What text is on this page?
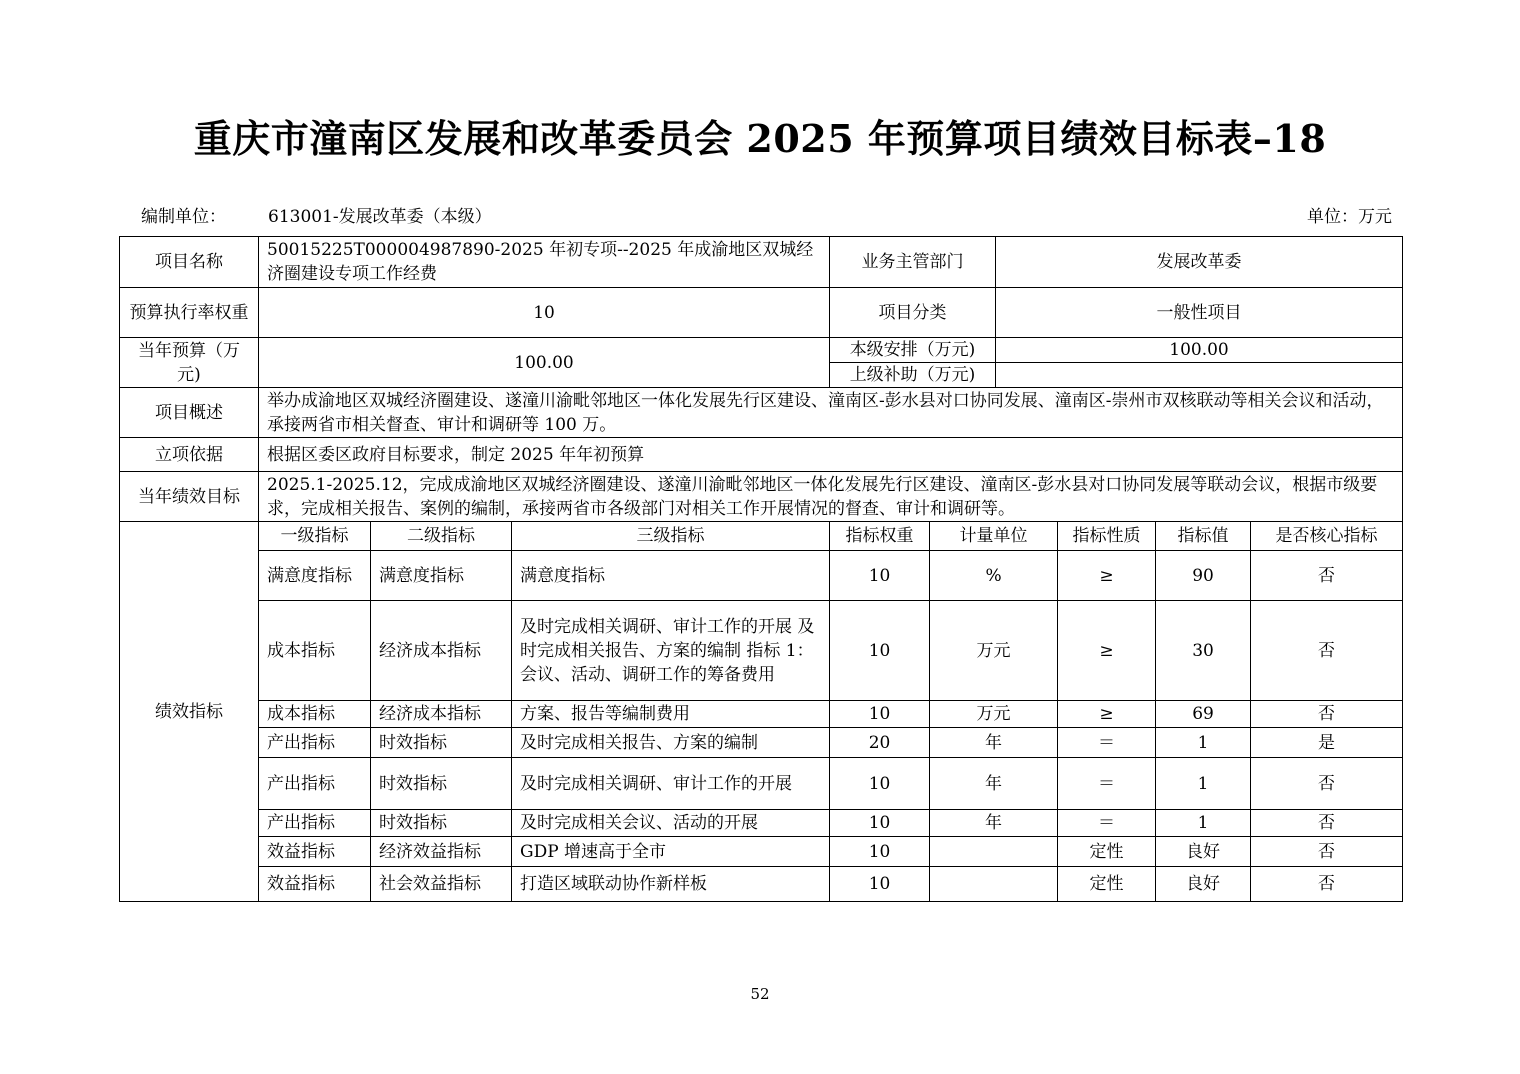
重庆市潼南区发展和改革委员会 2025 年预算项目绩效目标表–18
编制单位： 613001-发展改革委（本级）	单位：万元
项目名称	50015225T000004987890-2025 年初专项--2025 年成渝地区双城经济圈建设专项工作经费			业务主管部门		发展改革委			
预算执行率权重	10			项目分类		一般性项目			
当年预算（万元)	100.00			本级安排（万元)		100.00			
				上级补助（万元)					
项目概述	举办成渝地区双城经济圈建设、遂潼川渝毗邻地区一体化发展先行区建设、潼南区-彭水县对口协同发展、潼南区-崇州市双核联动等相关会议和活动，承接两省市相关督查、审计和调研等 100 万。								
立项依据	根据区委区政府目标要求，制定 2025 年年初预算								
当年绩效目标	2025.1-2025.12，完成成渝地区双城经济圈建设、遂潼川渝毗邻地区一体化发展先行区建设、潼南区-彭水县对口协同发展等联动会议，根据市级要求，完成相关报告、案例的编制，承接两省市各级部门对相关工作开展情况的督查、审计和调研等。								
绩效指标	一级指标	二级指标	三级指标	指标权重	计量单位		指标性质	指标值	是否核心指标
	满意度指标	满意度指标	满意度指标	10	%		≥	90	否
	成本指标	经济成本指标	及时完成相关调研、审计工作的开展 及时完成相关报告、方案的编制 指标 1：会议、活动、调研工作的筹备费用	10	万元		≥	30	否
	成本指标	经济成本指标	方案、报告等编制费用	10	万元		≥	69	否
	产出指标	时效指标	及时完成相关报告、方案的编制	20	年		＝	1	是
	产出指标	时效指标	及时完成相关调研、审计工作的开展	10	年		＝	1	否
	产出指标	时效指标	及时完成相关会议、活动的开展	10	年		＝	1	否
	效益指标	经济效益指标	GDP 增速高于全市	10			定性	良好	否
	效益指标	社会效益指标	打造区域联动协作新样板	10			定性	良好	否
52
